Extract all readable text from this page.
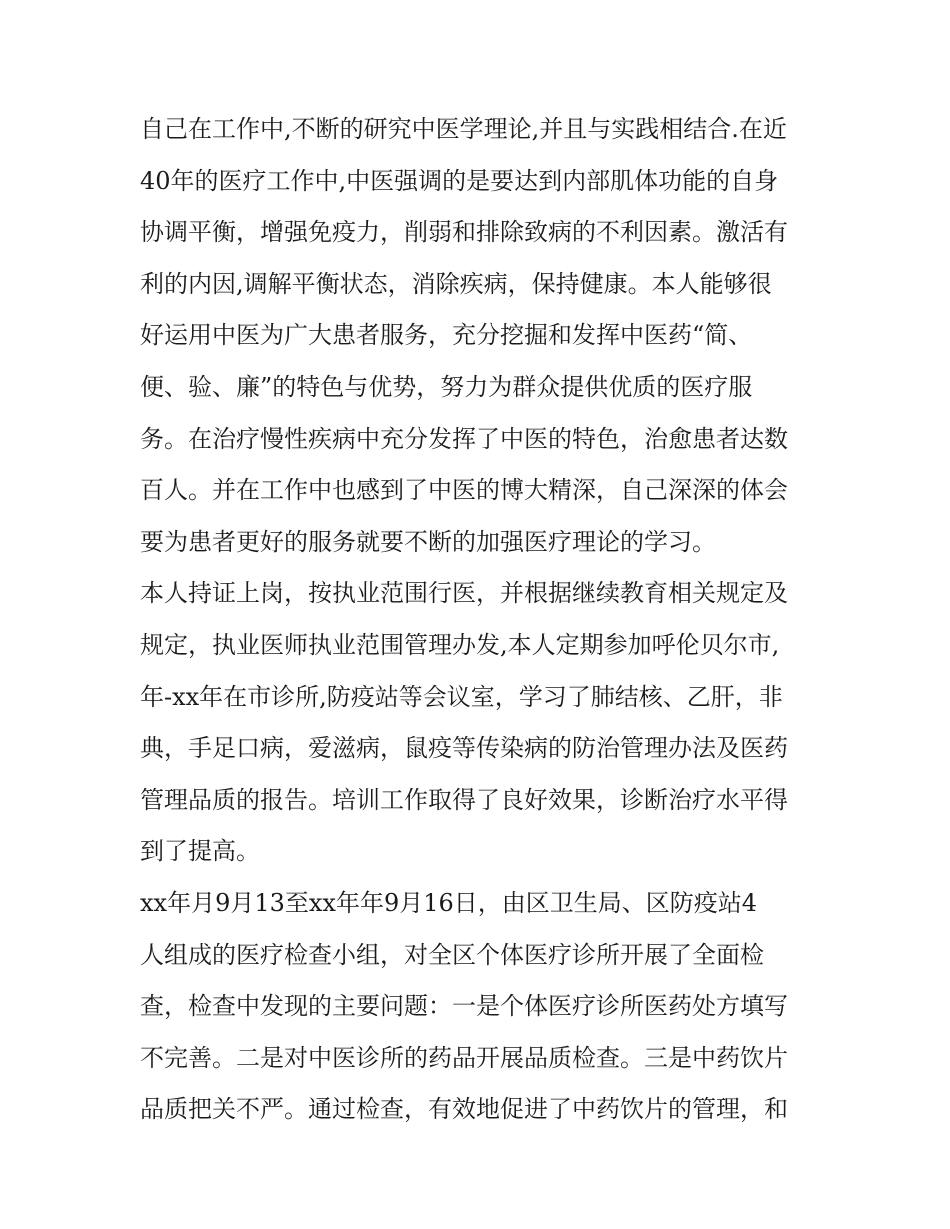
自己在工作中,不断的研究中医学理论,并且与实践相结合.在近
40年的医疗工作中,中医强调的是要达到内部肌体功能的自身
协调平衡，增强免疫力，削弱和排除致病的不利因素。激活有
利的内因,调解平衡状态，消除疾病，保持健康。本人能够很
好运用中医为广大患者服务，充分挖掘和发挥中医药“简、
便、验、廉”的特色与优势，努力为群众提供优质的医疗服
务。在治疗慢性疾病中充分发挥了中医的特色，治愈患者达数
百人。并在工作中也感到了中医的博大精深，自己深深的体会
要为患者更好的服务就要不断的加强医疗理论的学习。
本人持证上岗，按执业范围行医，并根据继续教育相关规定及
规定，执业医师执业范围管理办发,本人定期参加呼伦贝尔市,
年-xx年在市诊所,防疫站等会议室，学习了肺结核、乙肝，非
典，手足口病，爱滋病，鼠疫等传染病的防治管理办法及医药
管理品质的报告。培训工作取得了良好效果，诊断治疗水平得
到了提高。
xx年月9月13至xx年年9月16日，由区卫生局、区防疫站4
人组成的医疗检查小组，对全区个体医疗诊所开展了全面检
查，检查中发现的主要问题：一是个体医疗诊所医药处方填写
不完善。二是对中医诊所的药品开展品质检查。三是中药饮片
品质把关不严。通过检查，有效地促进了中药饮片的管理，和
